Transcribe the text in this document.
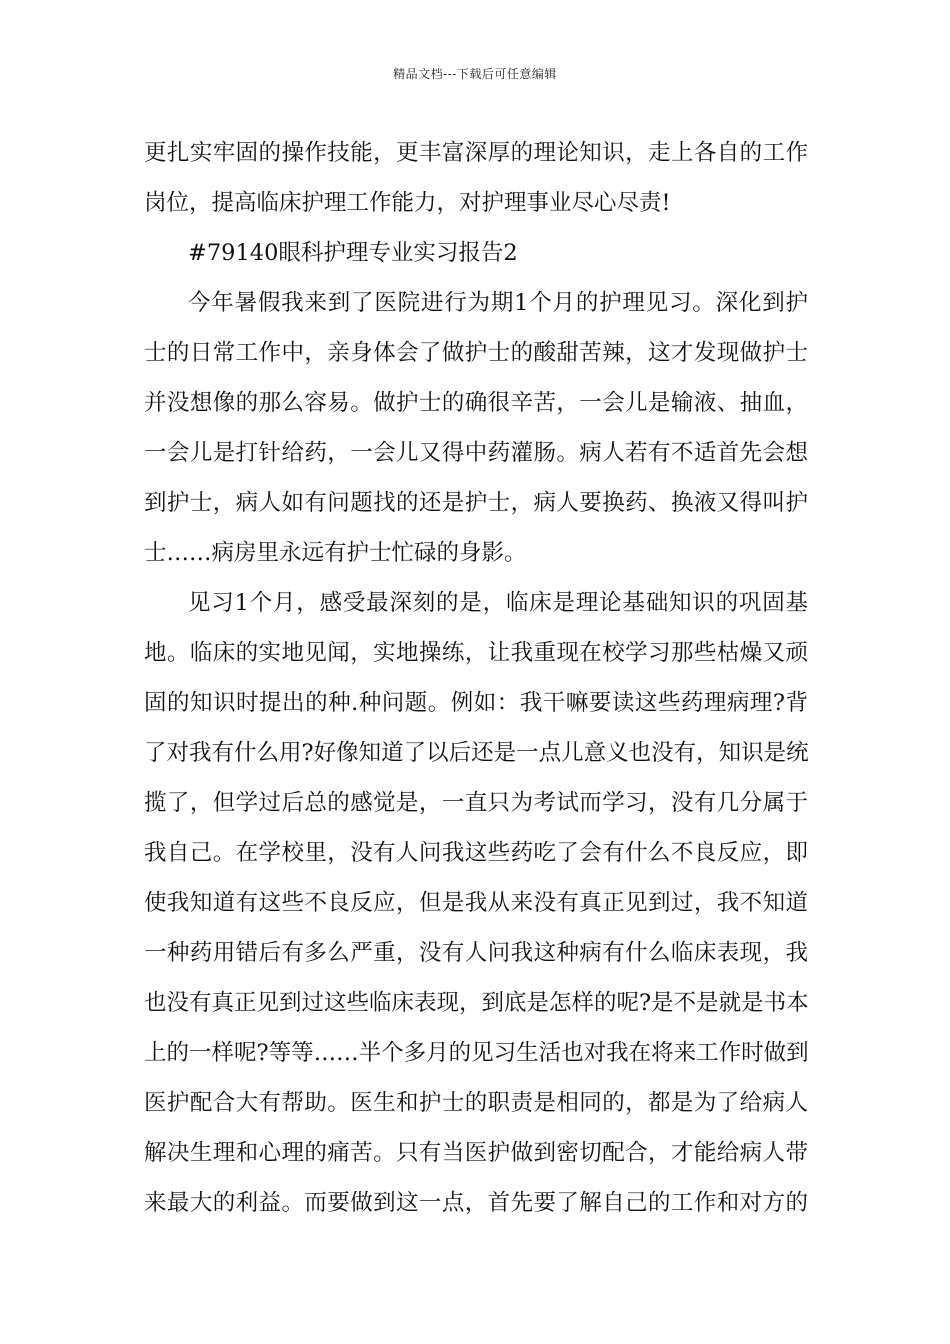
精品文档---下载后可任意编辑
更扎实牢固的操作技能，更丰富深厚的理论知识，走上各自的工作
岗位，提高临床护理工作能力，对护理事业尽心尽责!
#79140眼科护理专业实习报告2
今年暑假我来到了医院进行为期1个月的护理见习。深化到护
士的日常工作中，亲身体会了做护士的酸甜苦辣，这才发现做护士
并没想像的那么容易。做护士的确很辛苦，一会儿是输液、抽血，
一会儿是打针给药，一会儿又得中药灌肠。病人若有不适首先会想
到护士，病人如有问题找的还是护士，病人要换药、换液又得叫护
士……病房里永远有护士忙碌的身影。
见习1个月，感受最深刻的是，临床是理论基础知识的巩固基
地。临床的实地见闻，实地操练，让我重现在校学习那些枯燥又顽
固的知识时提出的种.种问题。例如：我干嘛要读这些药理病理?背
了对我有什么用?好像知道了以后还是一点儿意义也没有，知识是统
揽了，但学过后总的感觉是，一直只为考试而学习，没有几分属于
我自己。在学校里，没有人问我这些药吃了会有什么不良反应，即
使我知道有这些不良反应，但是我从来没有真正见到过，我不知道
一种药用错后有多么严重，没有人问我这种病有什么临床表现，我
也没有真正见到过这些临床表现，到底是怎样的呢?是不是就是书本
上的一样呢?等等……半个多月的见习生活也对我在将来工作时做到
医护配合大有帮助。医生和护士的职责是相同的，都是为了给病人
解决生理和心理的痛苦。只有当医护做到密切配合，才能给病人带
来最大的利益。而要做到这一点，首先要了解自己的工作和对方的
